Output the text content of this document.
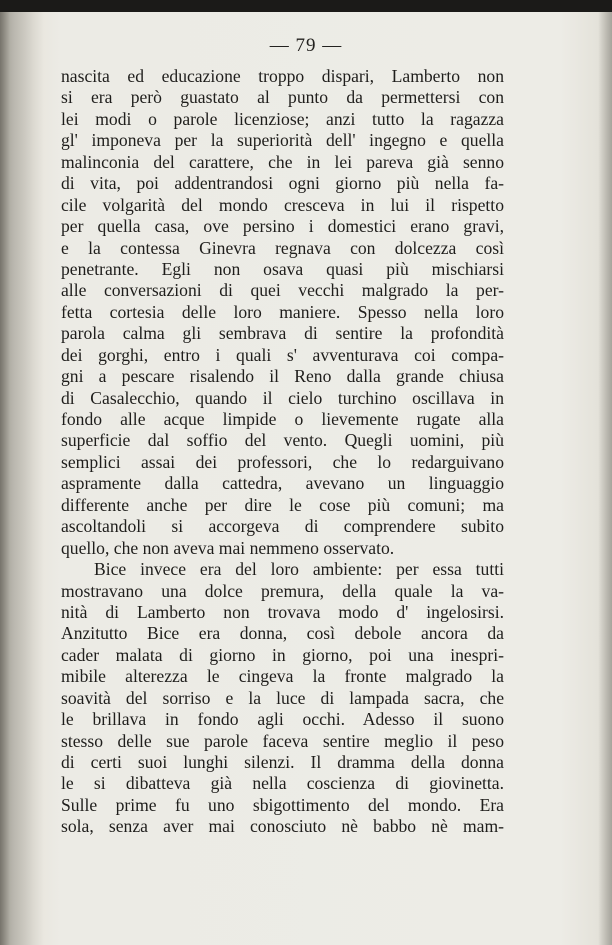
— 79 —
nascita ed educazione troppo dispari, Lamberto non
si era però guastato al punto da permettersi con
lei modi o parole licenziose; anzi tutto la ragazza
gl' imponeva per la superiorità dell' ingegno e quella
malinconia del carattere, che in lei pareva già senno
di vita, poi addentrandosi ogni giorno più nella fa-
cile volgarità del mondo cresceva in lui il rispetto
per quella casa, ove persino i domestici erano gravi,
e la contessa Ginevra regnava con dolcezza così
penetrante. Egli non osava quasi più mischiarsi
alle conversazioni di quei vecchi malgrado la per-
fetta cortesia delle loro maniere. Spesso nella loro
parola calma gli sembrava di sentire la profondità
dei gorghi, entro i quali s' avventurava coi compa-
gni a pescare risalendo il Reno dalla grande chiusa
di Casalecchio, quando il cielo turchino oscillava in
fondo alle acque limpide o lievemente rugate alla
superficie dal soffio del vento. Quegli uomini, più
semplici assai dei professori, che lo redarguivano
aspramente dalla cattedra, avevano un linguaggio
differente anche per dire le cose più comuni; ma
ascoltandoli si accorgeva di comprendere subito
quello, che non aveva mai nemmeno osservato.
Bice invece era del loro ambiente: per essa tutti
mostravano una dolce premura, della quale la va-
nità di Lamberto non trovava modo d' ingelosirsi.
Anzitutto Bice era donna, così debole ancora da
cader malata di giorno in giorno, poi una inespri-
mibile alterezza le cingeva la fronte malgrado la
soavità del sorriso e la luce di lampada sacra, che
le brillava in fondo agli occhi. Adesso il suono
stesso delle sue parole faceva sentire meglio il peso
di certi suoi lunghi silenzi. Il dramma della donna
le si dibatteva già nella coscienza di giovinetta.
Sulle prime fu uno sbigottimento del mondo. Era
sola, senza aver mai conosciuto nè babbo nè mam-
